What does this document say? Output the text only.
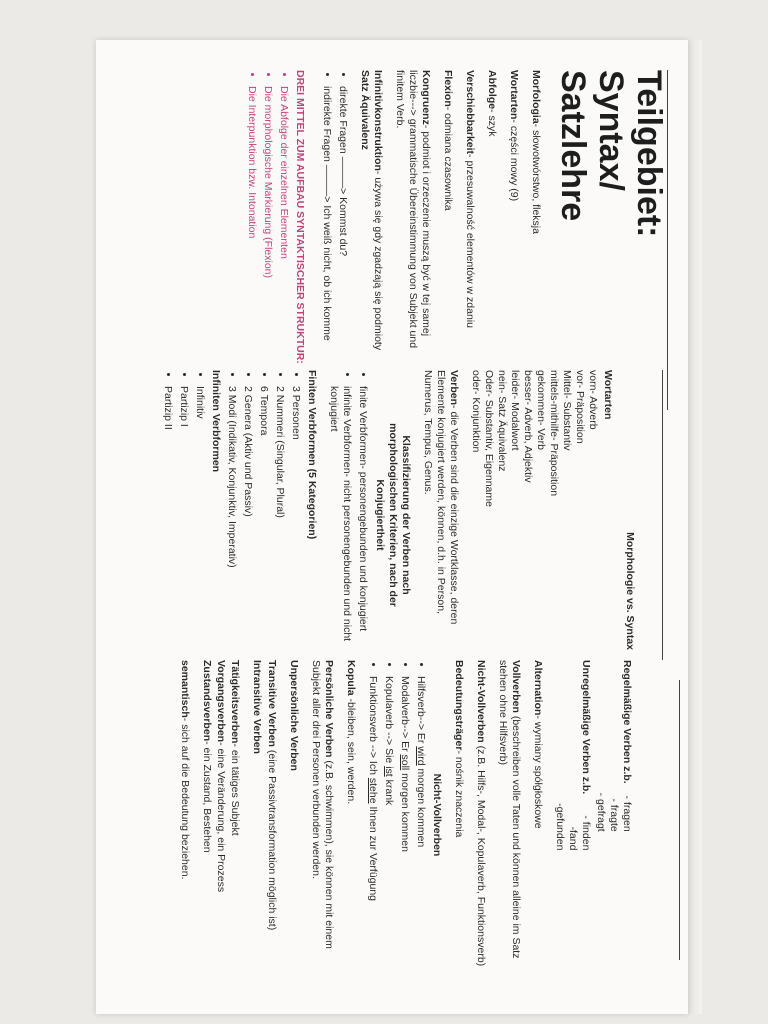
Teilgebiet:
Syntax/
Satzlehre

Morfologia- słowotwórstwo, fleksja

Wortarten- części mowy (9)

Abfolge- szyk

Verschiebbarkeit- przesuwalność elementów w zdaniu

Flexion- odmiana czasownika

Kongruenz- podmiot i orzeczenie muszą być w tej samej liczbie---> grammatische Übereinstimmung von Subjekt und finitem Verb.

Infinitivkonstruktion- używa się gdy zgadzają się podmioty

Satz Äquivalenz

• direkte Fragen ———> Kommst du?
• indirekte Fragen ———> Ich weiß nicht, ob ich komme

DREI MITTEL ZUM AUFBAU SYNTAKTISCHER STRUKTUR:

• Die Abfolge der einzelnen Elementen
• Die morphologische Markierung (Flexion)
• Die Interpunktion bzw. Intonation

Morphologie vs. Syntax

Wortarten

vorn- Adverb
vor- Präposition
Mittel- Substantiv
mittels-mithilfe- Präposition
gekommen- Verb
besser- Adverb, Adjektiv
leider- Modalwort
nein- Satz Äquivalenz
Oder- Substantiv, Eigenname
oder- Konjunktion

Verben- die Verben sind die einzige Wortklasse, deren Elemente konjugiert werden, können, d.h. in Person, Numerus, Tempus, Genus.

Klassifizierung der Verben nach
morphologischen Kriterien, nach der
Konjugiertheit
• finite Verbformen- personengebunden und konjugiert
• infinite Verbformen- nicht personengebunden und nicht konjugiert

Finiten Verbformen (5 Kategorien)

• 3 Personen
• 2 Nummeri (Singular, Plural)
• 6 Tempora
• 2 Genera (Aktiv und Passiv)
• 3 Modi (Indikativ, Konjunktiv, Imperativ)

Infiniten Verbformen

• Infinitiv
• Partizip I
• Partizip II

Regelmäßige Verben z.b.
- fragen
- fragte
- gefragt

Unregelmäßige Verben z.b.
- finden
-fand
-gefunden

Alternation- wymiany spółgłoskowe

Vollverben (beschreiben volle Taten und können alleine im Satz stehen ohne Hilfsverb)

Nicht-Vollverben (z.B. Hilfs-, Modal-, Kopulaverb, Funktionsverb)

Bedeutungsträger- nośnik znaczenia

Nicht-Vollverben

• Hilfsverb--> Er wird morgen kommen
• Modalverb--> Er soll morgen kommen
• Kopulaverb --> Sie ist krank
• Funktionsverb --> Ich stehe Ihnen zur Verfügung

Kopula -bleiben, sein, werden.

Persönliche Verben (z.B. schwimmen), sie können mit einem Subjekt aller drei Personen verbunden werden.

Unpersönliche Verben

Transitive Verben (eine Passivtransformation möglich ist)

Intransitive Verben

Tätigkeitsverben- ein tätiges Subjekt

Vorgangsverben- eine Veränderung, ein Prozess

Zustandsverben- ein Zustand, Bestehen

semantisch- sich auf die Bedeutung beziehen.
